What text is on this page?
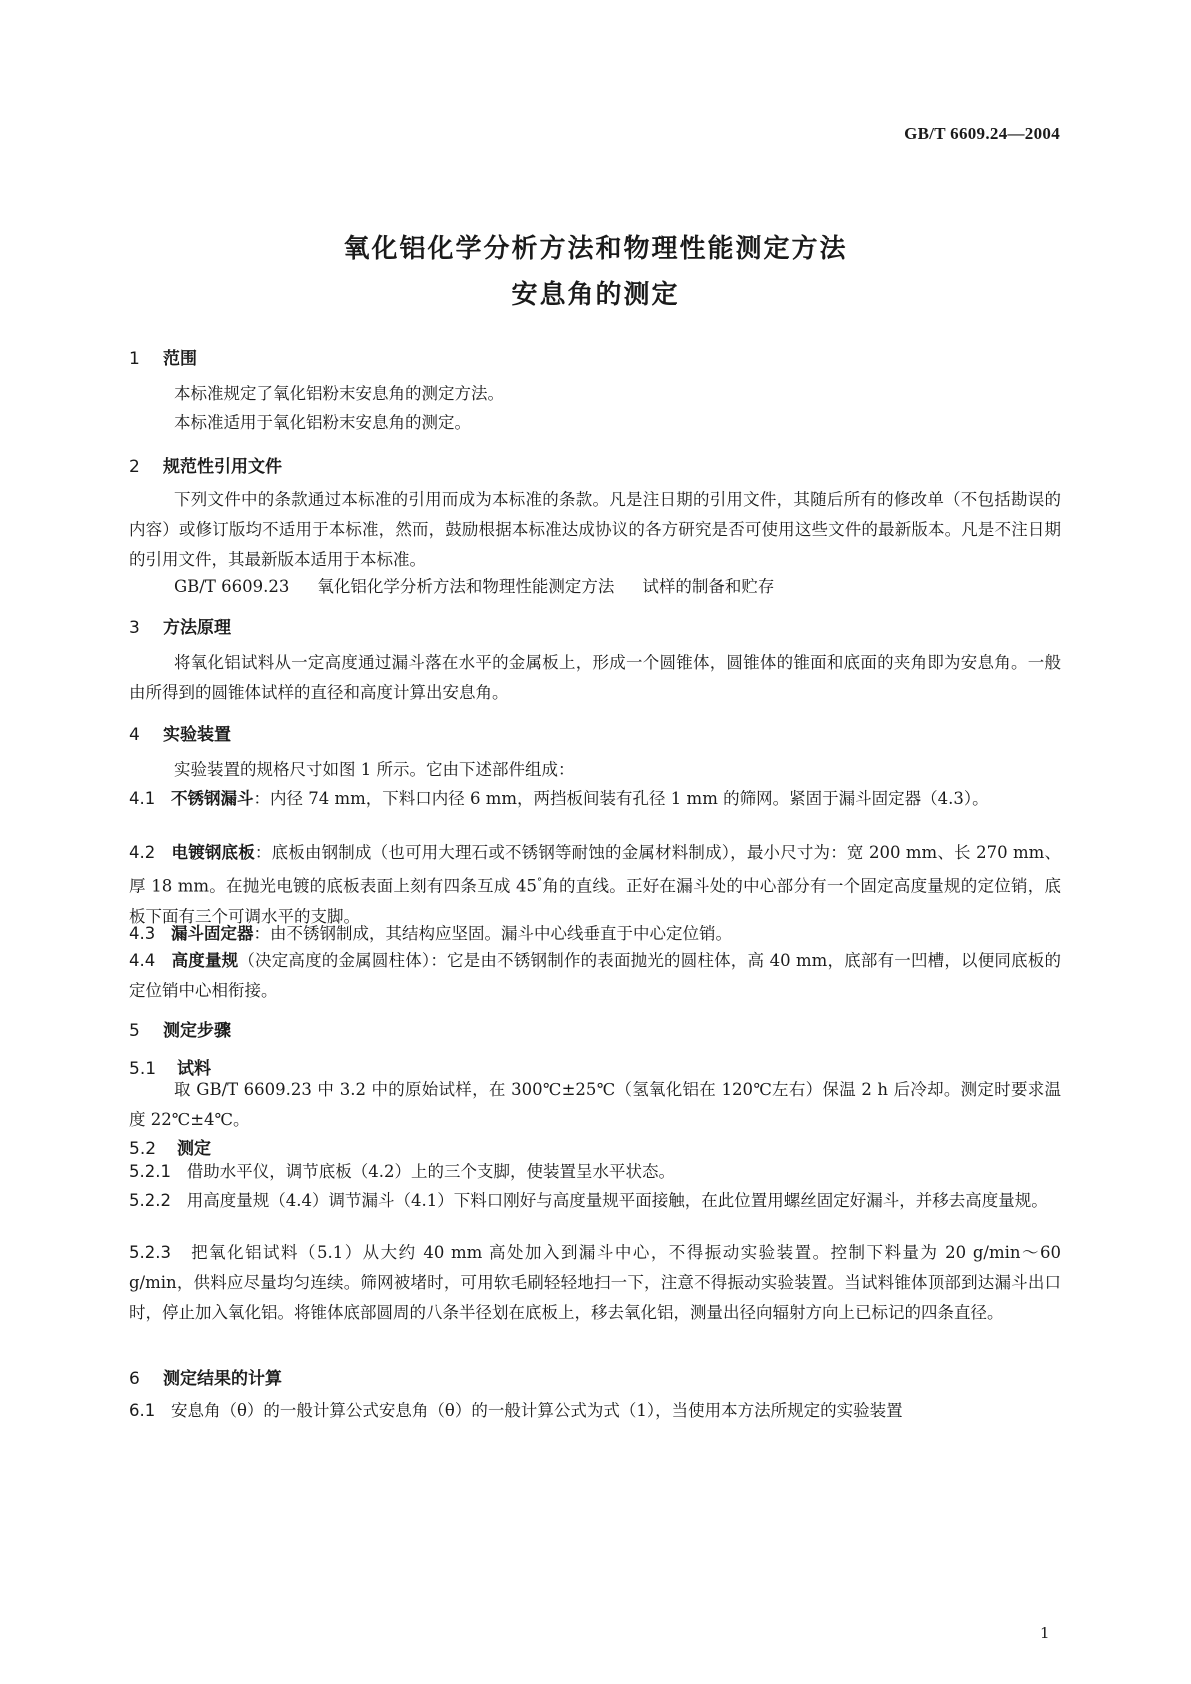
GB/T 6609.24—2004
氧化铝化学分析方法和物理性能测定方法
安息角的测定
1 范围
本标准规定了氧化铝粉末安息角的测定方法。
本标准适用于氧化铝粉末安息角的测定。
2 规范性引用文件
下列文件中的条款通过本标准的引用而成为本标准的条款。凡是注日期的引用文件，其随后所有的修改单（不包括勘误的内容）或修订版均不适用于本标准，然而，鼓励根据本标准达成协议的各方研究是否可使用这些文件的最新版本。凡是不注日期的引用文件，其最新版本适用于本标准。
GB/T 6609.23 氧化铝化学分析方法和物理性能测定方法 试样的制备和贮存
3 方法原理
将氧化铝试料从一定高度通过漏斗落在水平的金属板上，形成一个圆锥体，圆锥体的锥面和底面的夹角即为安息角。一般由所得到的圆锥体试样的直径和高度计算出安息角。
4 实验装置
实验装置的规格尺寸如图 1 所示。它由下述部件组成：
4.1 不锈钢漏斗：内径 74 mm，下料口内径 6 mm，两挡板间装有孔径 1 mm 的筛网。紧固于漏斗固定器（4.3）。
4.2 电镀钢底板：底板由钢制成（也可用大理石或不锈钢等耐蚀的金属材料制成），最小尺寸为：宽 200 mm、长 270 mm、厚 18 mm。在抛光电镀的底板表面上刻有四条互成 45°角的直线。正好在漏斗处的中心部分有一个固定高度量规的定位销，底板下面有三个可调水平的支脚。
4.3 漏斗固定器：由不锈钢制成，其结构应坚固。漏斗中心线垂直于中心定位销。
4.4 高度量规（决定高度的金属圆柱体）：它是由不锈钢制作的表面抛光的圆柱体，高 40 mm，底部有一凹槽，以便同底板的定位销中心相衔接。
5 测定步骤
5.1 试料
取 GB/T 6609.23 中 3.2 中的原始试样，在 300℃±25℃（氢氧化铝在 120℃左右）保温 2 h 后冷却。测定时要求温度 22℃±4℃。
5.2 测定
5.2.1 借助水平仪，调节底板（4.2）上的三个支脚，使装置呈水平状态。
5.2.2 用高度量规（4.4）调节漏斗（4.1）下料口刚好与高度量规平面接触，在此位置用螺丝固定好漏斗，并移去高度量规。
5.2.3 把氧化铝试料（5.1）从大约 40 mm 高处加入到漏斗中心，不得振动实验装置。控制下料量为 20 g/min～60 g/min，供料应尽量均匀连续。筛网被堵时，可用软毛刷轻轻地扫一下，注意不得振动实验装置。当试料锥体顶部到达漏斗出口时，停止加入氧化铝。将锥体底部圆周的八条半径划在底板上，移去氧化铝，测量出径向辐射方向上已标记的四条直径。
6 测定结果的计算
6.1 安息角（θ）的一般计算公式安息角（θ）的一般计算公式为式（1），当使用本方法所规定的实验装置
1
